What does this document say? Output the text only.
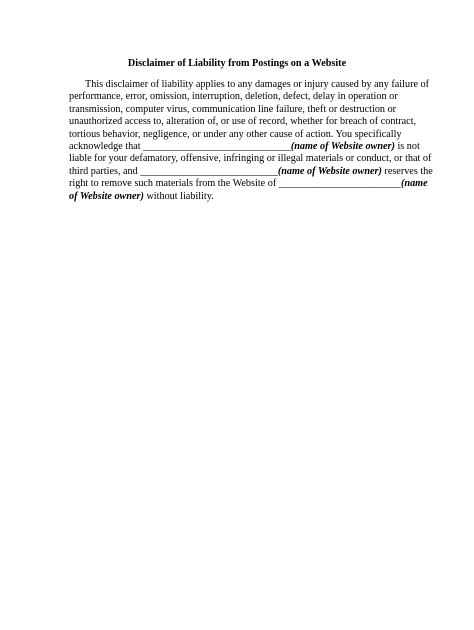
Disclaimer of Liability from Postings on a Website
This disclaimer of liability applies to any damages or injury caused by any failure of
performance, error, omission, interruption, deletion, defect, delay in operation or
transmission, computer virus, communication line failure, theft or destruction or
unauthorized access to, alteration of, or use of record, whether for breach of contract,
tortious behavior, negligence, or under any other cause of action. You specifically
acknowledge that _____________________________(name of Website owner) is not
liable for your defamatory, offensive, infringing or illegal materials or conduct, or that of
third parties, and ___________________________(name of Website owner) reserves the
right to remove such materials from the Website of ________________________(name
of Website owner) without liability.
